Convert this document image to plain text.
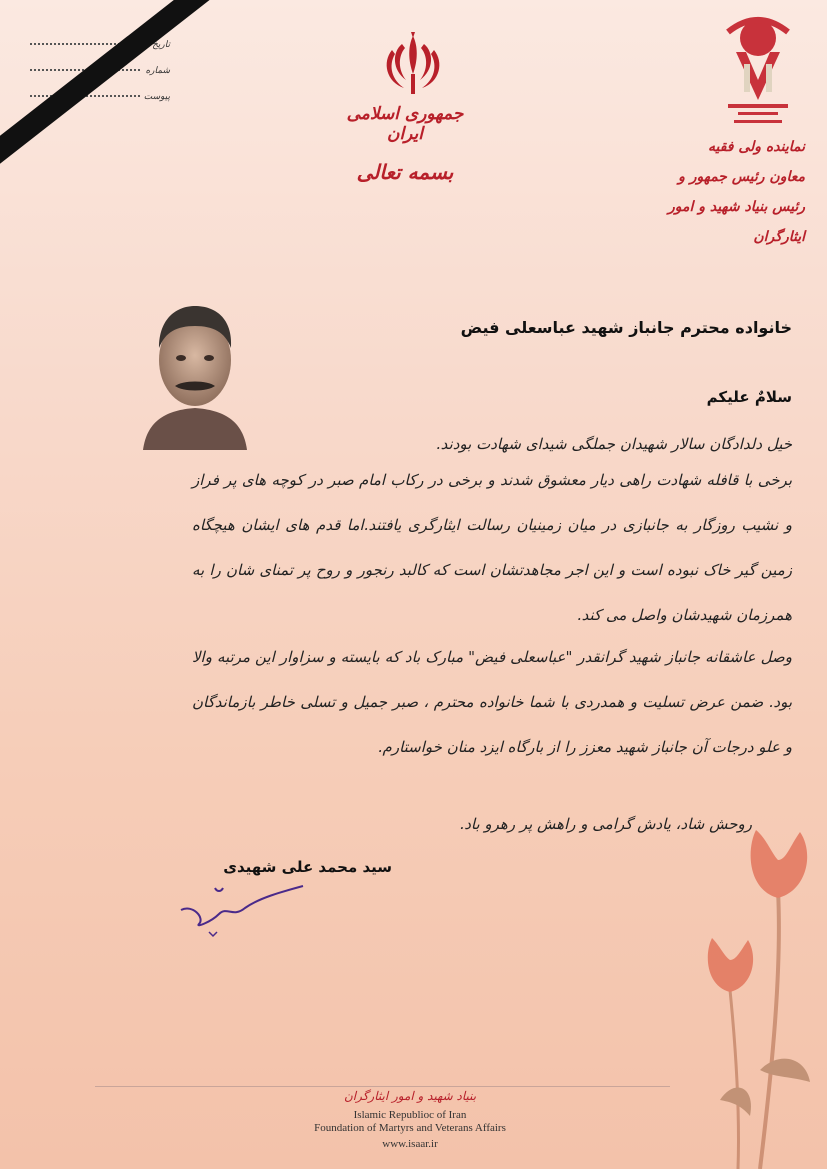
تاریخ
شماره
پیوست
جمهوری اسلامی ایران
بسمه تعالی
نماینده ولی فقیه
معاون رئیس جمهور و
رئیس بنیاد شهید و امور ایثارگران
خانواده محترم جانباز شهید عباسعلی فیض
سلامٌ علیکم
خیل دلدادگان سالار شهیدان جملگی شیدای شهادت بودند.
برخی با قافله شهادت راهی دیار معشوق شدند و برخی در رکاب امام صبر در کوچه های پر فراز و نشیب روزگار به جانبازی در میان زمینیان رسالت ایثارگری یافتند.اما قدم های ایشان هیچگاه زمین گیر خاک نبوده است و این اجر مجاهدتشان است که کالبد رنجور و روح پر تمنای شان را به همرزمان شهیدشان واصل می کند.
وصل عاشقانه جانباز شهید گرانقدر "عباسعلی فیض" مبارک باد که بایسته و سزاوار این مرتبه والا بود. ضمن عرض تسلیت و همدردی با شما خانواده محترم ، صبر جمیل و تسلی خاطر بازماندگان و علو درجات آن جانباز شهید معزز را از بارگاه ایزد منان خواستارم.
روحش شاد، یادش گرامی و راهش پر رهرو باد.
سید محمد علی شهیدی
بنیاد شهید و امور ایثارگران
Islamic Republioc of Iran
Foundation of Martyrs and Veterans Affairs
www.isaar.ir
